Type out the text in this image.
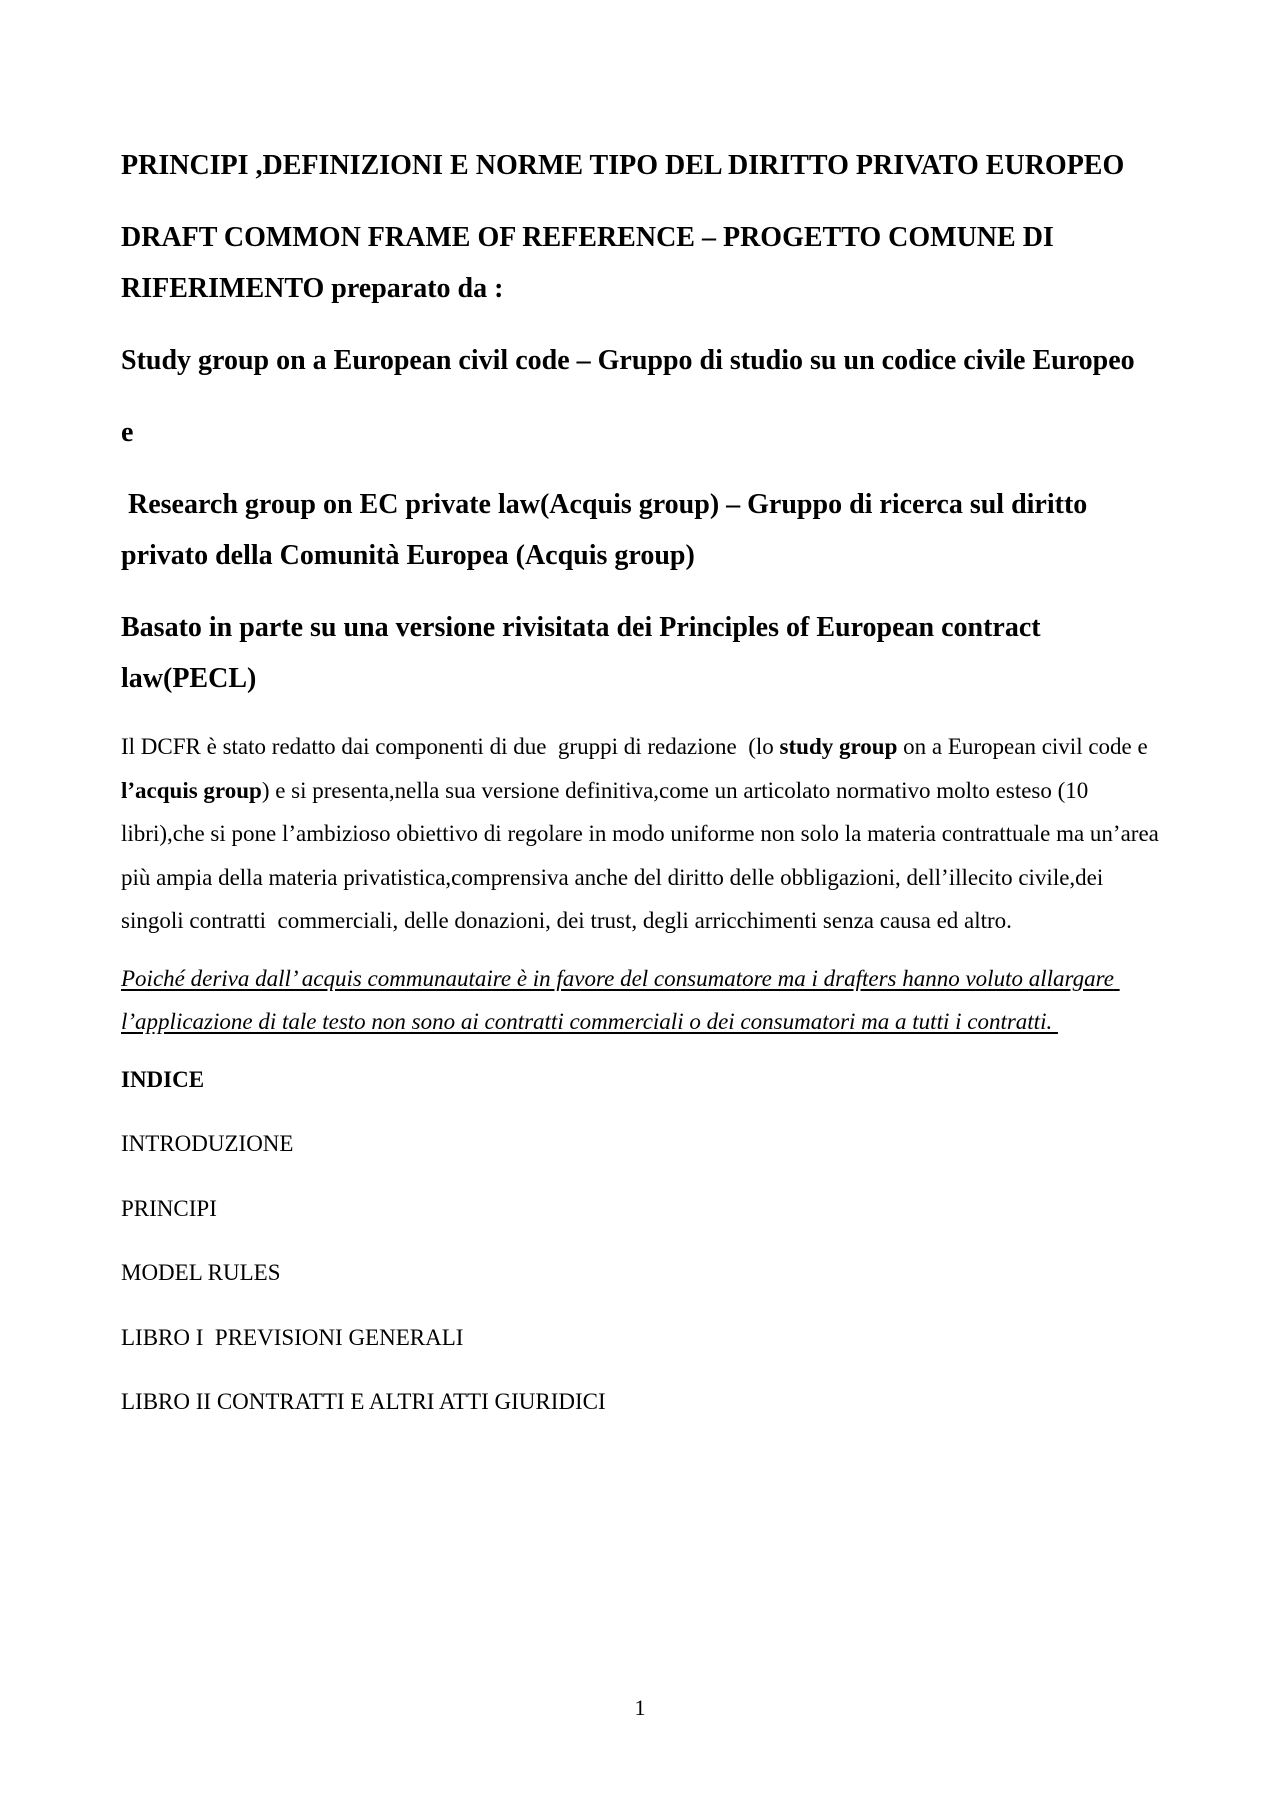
PRINCIPI ,DEFINIZIONI E NORME TIPO DEL DIRITTO PRIVATO EUROPEO
DRAFT COMMON FRAME OF REFERENCE – PROGETTO COMUNE DI RIFERIMENTO preparato da :
Study group on a European civil code – Gruppo di studio su un codice civile Europeo
e
Research group on EC private law(Acquis group) – Gruppo di ricerca sul diritto privato della Comunità Europea (Acquis group)
Basato in parte su una versione rivisitata dei Principles of European contract law(PECL)
Il DCFR è stato redatto dai componenti di due  gruppi di redazione  (lo study group on a European civil code e l’acquis group) e si presenta,nella sua versione definitiva,come un articolato normativo molto esteso (10 libri),che si pone l’ambizioso obiettivo di regolare in modo uniforme non solo la materia contrattuale ma un’area più ampia della materia privatistica,comprensiva anche del diritto delle obbligazioni, dell’illecito civile,dei singoli contratti  commerciali, delle donazioni, dei trust, degli arricchimenti senza causa ed altro.
Poiché deriva dall’ acquis communautaire è in favore del consumatore ma i drafters hanno voluto allargare l’applicazione di tale testo non sono ai contratti commerciali o dei consumatori ma a tutti i contratti.
INDICE
INTRODUZIONE
PRINCIPI
MODEL RULES
LIBRO I  PREVISIONI GENERALI
LIBRO II CONTRATTI E ALTRI ATTI GIURIDICI
1
